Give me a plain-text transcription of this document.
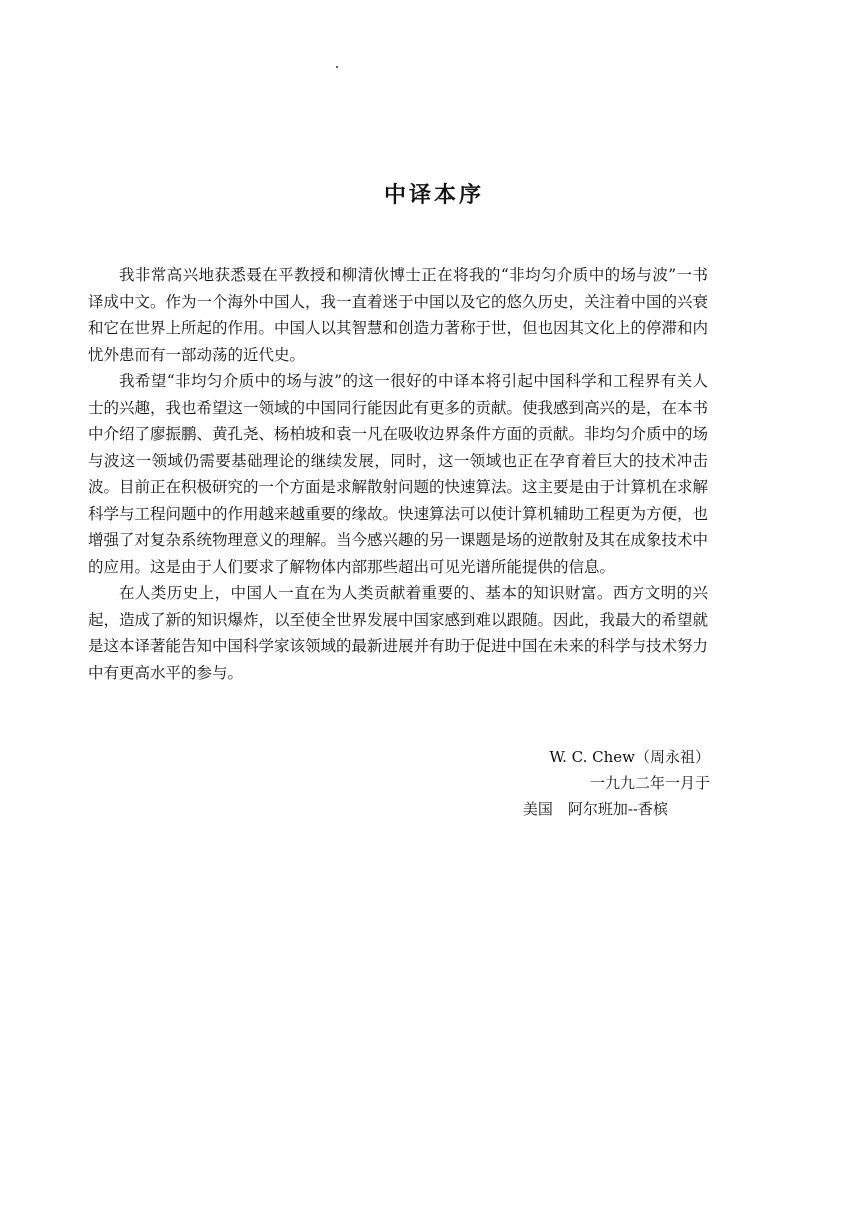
中译本序

我非常高兴地获悉聂在平教授和柳清伙博士正在将我的“非均匀介质中的场与波”一书译成中文。作为一个海外中国人，我一直着迷于中国以及它的悠久历史，关注着中国的兴衰和它在世界上所起的作用。中国人以其智慧和创造力著称于世，但也因其文化上的停滞和内忧外患而有一部动荡的近代史。

我希望“非均匀介质中的场与波”的这一很好的中译本将引起中国科学和工程界有关人士的兴趣，我也希望这一领域的中国同行能因此有更多的贡献。使我感到高兴的是，在本书中介绍了廖振鹏、黄孔尧、杨柏坡和袁一凡在吸收边界条件方面的贡献。非均匀介质中的场与波这一领域仍需要基础理论的继续发展，同时，这一领域也正在孕育着巨大的技术冲击波。目前正在积极研究的一个方面是求解散射问题的快速算法。这主要是由于计算机在求解科学与工程问题中的作用越来越重要的缘故。快速算法可以使计算机辅助工程更为方便，也增强了对复杂系统物理意义的理解。当今感兴趣的另一课题是场的逆散射及其在成象技术中的应用。这是由于人们要求了解物体内部那些超出可见光谱所能提供的信息。

在人类历史上，中国人一直在为人类贡献着重要的、基本的知识财富。西方文明的兴起，造成了新的知识爆炸，以至使全世界发展中国家感到难以跟随。因此，我最大的希望就是这本译著能告知中国科学家该领域的最新进展并有助于促进中国在未来的科学与技术努力中有更高水平的参与。

W. C. Chew（周永祖）
一九九二年一月于
美国　阿尔班加--香槟
